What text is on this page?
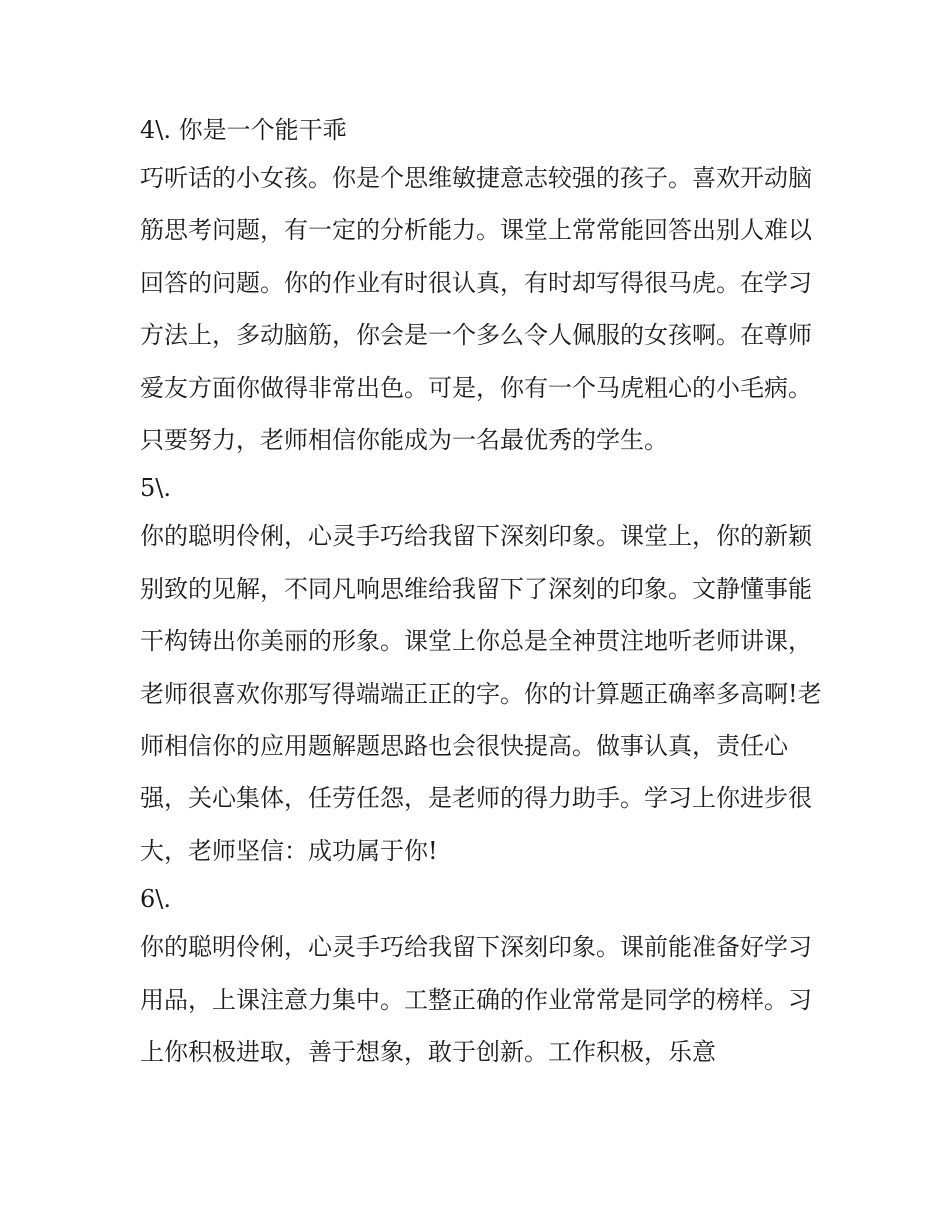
4\. 你是一个能干乖

巧听话的小女孩。你是个思维敏捷意志较强的孩子。喜欢开动脑筋思考问题，有一定的分析能力。课堂上常常能回答出别人难以回答的问题。你的作业有时很认真，有时却写得很马虎。在学习方法上，多动脑筋，你会是一个多么令人佩服的女孩啊。在尊师爱友方面你做得非常出色。可是，你有一个马虎粗心的小毛病。只要努力，老师相信你能成为一名最优秀的学生。

5\.

你的聪明伶俐，心灵手巧给我留下深刻印象。课堂上，你的新颖别致的见解，不同凡响思维给我留下了深刻的印象。文静懂事能干构铸出你美丽的形象。课堂上你总是全神贯注地听老师讲课，老师很喜欢你那写得端端正正的字。你的计算题正确率多高啊!老师相信你的应用题解题思路也会很快提高。做事认真，责任心强，关心集体，任劳任怨，是老师的得力助手。学习上你进步很大，老师坚信：成功属于你!

6\.

你的聪明伶俐，心灵手巧给我留下深刻印象。课前能准备好学习用品，上课注意力集中。工整正确的作业常常是同学的榜样。习上你积极进取，善于想象，敢于创新。工作积极，乐意
